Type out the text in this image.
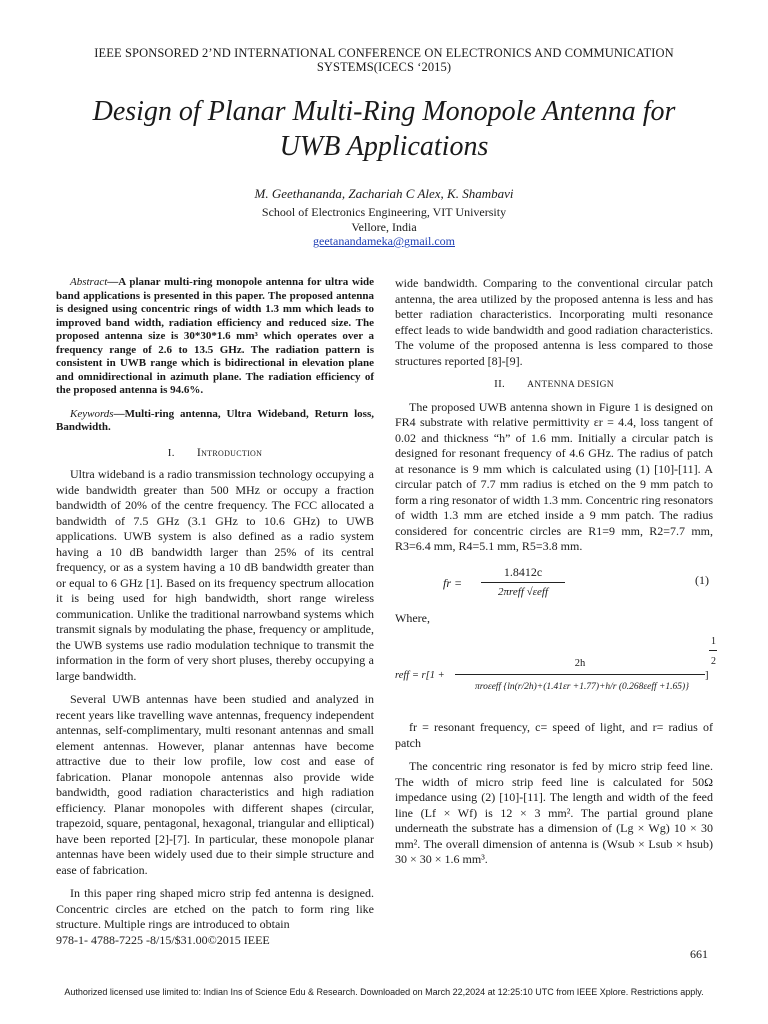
IEEE SPONSORED 2’ND INTERNATIONAL CONFERENCE ON ELECTRONICS AND COMMUNICATION
SYSTEMS(ICECS ‘2015)
Design of Planar Multi-Ring Monopole Antenna for
UWB Applications
M. Geethananda, Zachariah C Alex, K. Shambavi
School of Electronics Engineering, VIT University
Vellore, India
geetanandameka@gmail.com
Abstract—A planar multi-ring monopole antenna for ultra wide band applications is presented in this paper. The proposed antenna is designed using concentric rings of width 1.3 mm which leads to improved band width, radiation efficiency and reduced size. The proposed antenna size is 30*30*1.6 mm³ which operates over a frequency range of 2.6 to 13.5 GHz. The radiation pattern is consistent in UWB range which is bidirectional in elevation plane and omnidirectional in azimuth plane. The radiation efficiency of the proposed antenna is 94.6%.
Keywords—Multi-ring antenna, Ultra Wideband, Return loss, Bandwidth.
I. Introduction

Ultra wideband is a radio transmission technology occupying a wide bandwidth greater than 500 MHz or occupy a fraction bandwidth of 20% of the centre frequency. The FCC allocated a bandwidth of 7.5 GHz (3.1 GHz to 10.6 GHz) to UWB applications. UWB system is also defined as a radio system having a 10 dB bandwidth larger than 25% of its central frequency, or as a system having a 10 dB bandwidth greater than or equal to 6 GHz [1]. Based on its frequency spectrum allocation it is being used for high bandwidth, short range wireless communication. Unlike the traditional narrowband systems which transmit signals by modulating the phase, frequency or amplitude, the UWB systems use radio modulation technique to transmit the information in the form of very short pluses, thereby occupying a large bandwidth.

Several UWB antennas have been studied and analyzed in recent years like travelling wave antennas, frequency independent antennas, self-complimentary, multi resonant antennas and small element antennas. However, planar antennas have become attractive due to their low profile, low cost and ease of fabrication. Planar monopole antennas also provide wide bandwidth, good radiation characteristics and high radiation efficiency. Planar monopoles with different shapes (circular, trapezoid, square, pentagonal, hexagonal, triangular and elliptical) have been reported [2]-[7]. In particular, these monopole planar antennas have been widely used due to their simple structure and ease of fabrication.

In this paper ring shaped micro strip fed antenna is designed. Concentric circles are etched on the patch to form ring like structure. Multiple rings are introduced to obtain

wide bandwidth. Comparing to the conventional circular patch antenna, the area utilized by the proposed antenna is less and has better radiation characteristics. Incorporating multi resonance effect leads to wide bandwidth and good radiation characteristics. The volume of the proposed antenna is less compared to those structures reported [8]-[9].

II. ANTENNA DESIGN

The proposed UWB antenna shown in Figure 1 is designed on FR4 substrate with relative permittivity εr = 4.4, loss tangent of 0.02 and thickness “h” of 1.6 mm. Initially a circular patch is designed for resonant frequency of 4.6 GHz. The radius of patch at resonance is 9 mm which is calculated using (1) [10]-[11]. A circular patch of 7.7 mm radius is etched on the 9 mm patch to form a ring resonator of width 1.3 mm. Concentric ring resonators of width 1.3 mm are etched inside a 9 mm patch. The radius considered for concentric circles are R1=9 mm, R2=7.7 mm, R3=6.4 mm, R4=5.1 mm, R5=3.8 mm.

fr =
1.8412c
2πreff √εeff
(1)

Where,

reff = r[1 +
2h
πroεeff {ln(r/2h)+(1.41εr +1.77)+h/r (0.268εeff +1.65)}
]
1
2

fr = resonant frequency, c= speed of light, and r= radius of patch

The concentric ring resonator is fed by micro strip feed line. The width of micro strip feed line is calculated for 50Ω impedance using (2) [10]-[11]. The length and width of the feed line (Lf × Wf) is 12 × 3 mm². The partial ground plane underneath the substrate has a dimension of (Lg × Wg) 10 × 30 mm². The overall dimension of antenna is (Wsub × Lsub × hsub) 30 × 30 × 1.6 mm³.

978-1- 4788-7225 -8/15/$31.00©2015 IEEE
661
Authorized licensed use limited to: Indian Ins of Science Edu & Research. Downloaded on March 22,2024 at 12:25:10 UTC from IEEE Xplore. Restrictions apply.
